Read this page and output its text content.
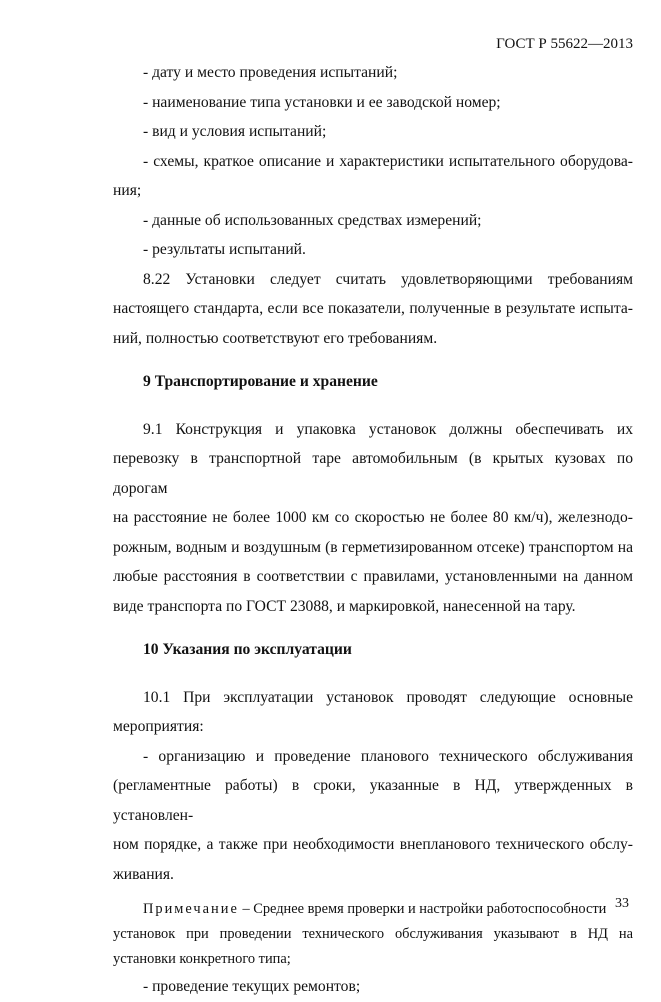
ГОСТ Р 55622—2013
- дату и место проведения испытаний;
- наименование типа установки и ее заводской номер;
- вид и условия испытаний;
- схемы, краткое описание и характеристики испытательного оборудова-
ния;
- данные об использованных средствах измерений;
- результаты испытаний.
8.22 Установки следует считать удовлетворяющими требованиям
настоящего стандарта, если все показатели, полученные в результате испыта-
ний, полностью соответствуют его требованиям.
9 Транспортирование и хранение
9.1 Конструкция и упаковка установок должны обеспечивать их
перевозку в транспортной таре автомобильным (в крытых кузовах по дорогам
на расстояние не более 1000 км со скоростью не более 80 км/ч), железнодо-
рожным, водным и воздушным (в герметизированном отсеке) транспортом на
любые расстояния в соответствии с правилами, установленными на данном
виде транспорта по ГОСТ 23088, и маркировкой, нанесенной на тару.
10 Указания по эксплуатации
10.1 При эксплуатации установок проводят следующие основные
мероприятия:
- организацию и проведение планового технического обслуживания
(регламентные работы) в сроки, указанные в НД, утвержденных в установлен-
ном порядке, а также при необходимости внепланового технического обслу-
живания.
Примечание – Среднее время проверки и настройки работоспособности
установок при проведении технического обслуживания указывают в НД на
установки конкретного типа;
- проведение текущих ремонтов;
33
